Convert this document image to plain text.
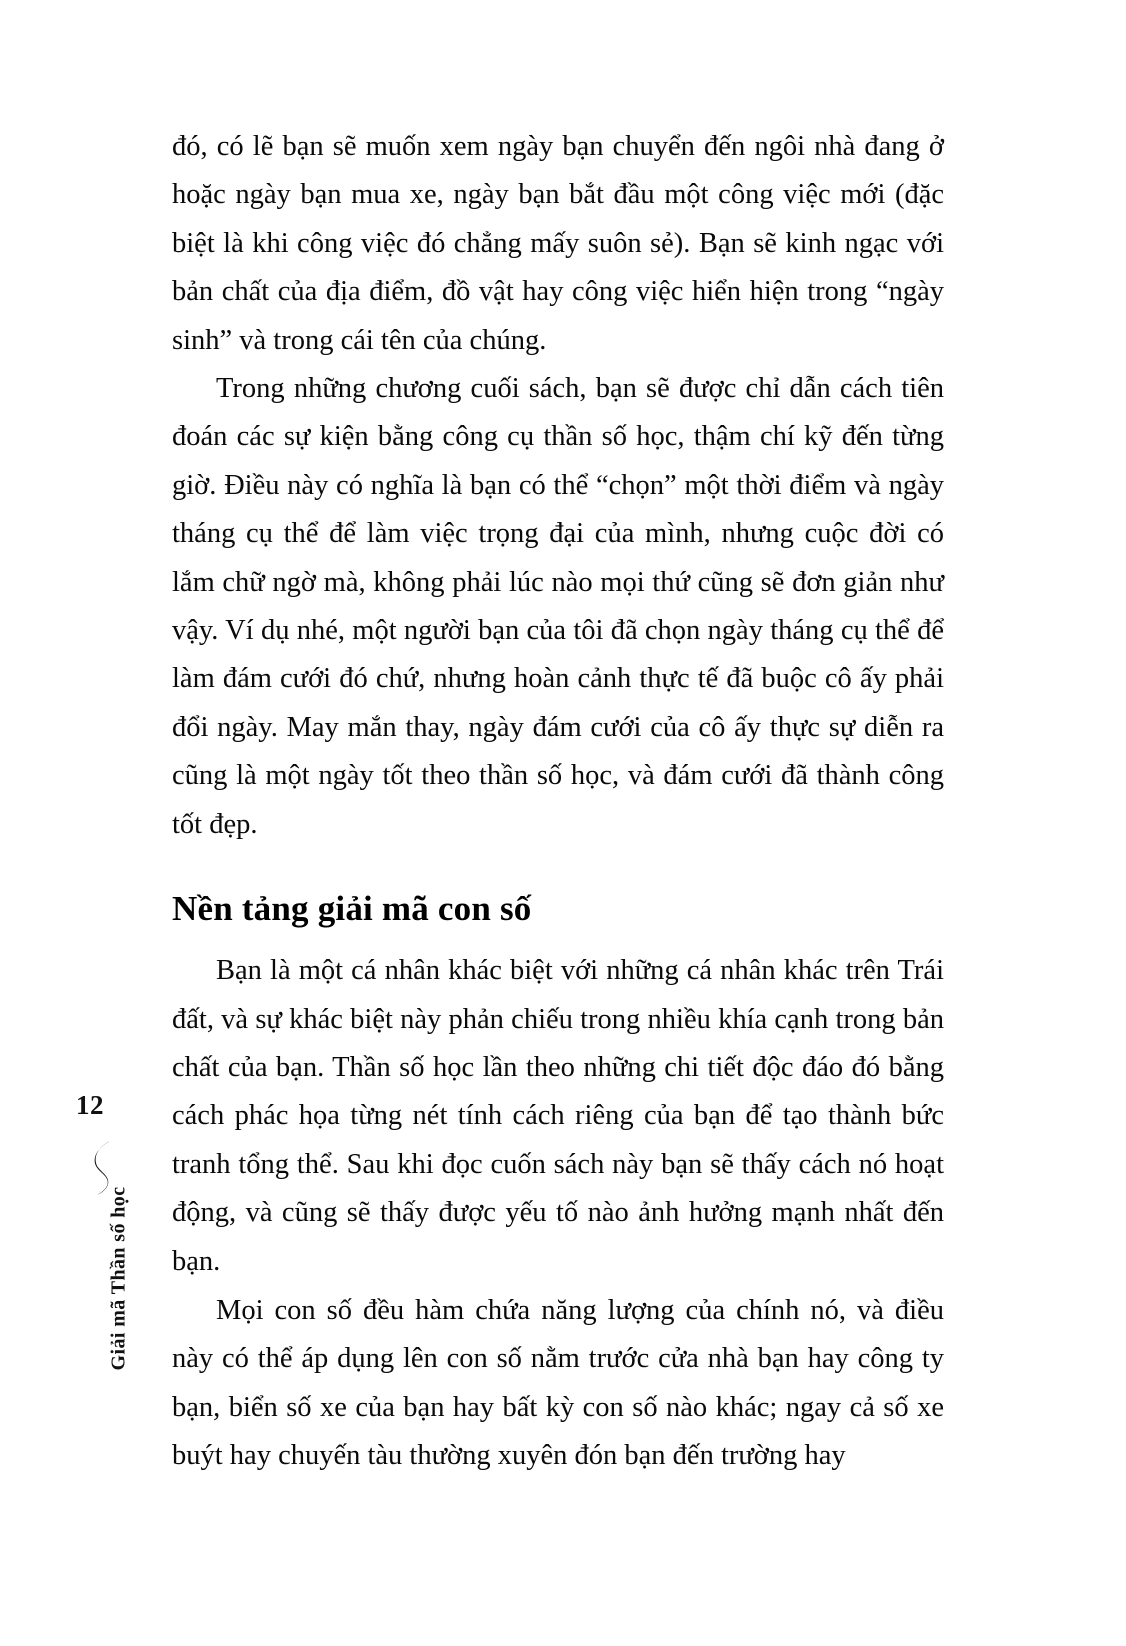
12
Giải mã Thần số học

đó, có lẽ bạn sẽ muốn xem ngày bạn chuyển đến ngôi nhà đang ở hoặc ngày bạn mua xe, ngày bạn bắt đầu một công việc mới (đặc biệt là khi công việc đó chẳng mấy suôn sẻ). Bạn sẽ kinh ngạc với bản chất của địa điểm, đồ vật hay công việc hiển hiện trong “ngày sinh” và trong cái tên của chúng.

Trong những chương cuối sách, bạn sẽ được chỉ dẫn cách tiên đoán các sự kiện bằng công cụ thần số học, thậm chí kỹ đến từng giờ. Điều này có nghĩa là bạn có thể “chọn” một thời điểm và ngày tháng cụ thể để làm việc trọng đại của mình, nhưng cuộc đời có lắm chữ ngờ mà, không phải lúc nào mọi thứ cũng sẽ đơn giản như vậy. Ví dụ nhé, một người bạn của tôi đã chọn ngày tháng cụ thể để làm đám cưới đó chứ, nhưng hoàn cảnh thực tế đã buộc cô ấy phải đổi ngày. May mắn thay, ngày đám cưới của cô ấy thực sự diễn ra cũng là một ngày tốt theo thần số học, và đám cưới đã thành công tốt đẹp.

Nền tảng giải mã con số

Bạn là một cá nhân khác biệt với những cá nhân khác trên Trái đất, và sự khác biệt này phản chiếu trong nhiều khía cạnh trong bản chất của bạn. Thần số học lần theo những chi tiết độc đáo đó bằng cách phác họa từng nét tính cách riêng của bạn để tạo thành bức tranh tổng thể. Sau khi đọc cuốn sách này bạn sẽ thấy cách nó hoạt động, và cũng sẽ thấy được yếu tố nào ảnh hưởng mạnh nhất đến bạn.

Mọi con số đều hàm chứa năng lượng của chính nó, và điều này có thể áp dụng lên con số nằm trước cửa nhà bạn hay công ty bạn, biển số xe của bạn hay bất kỳ con số nào khác; ngay cả số xe buýt hay chuyến tàu thường xuyên đón bạn đến trường hay
